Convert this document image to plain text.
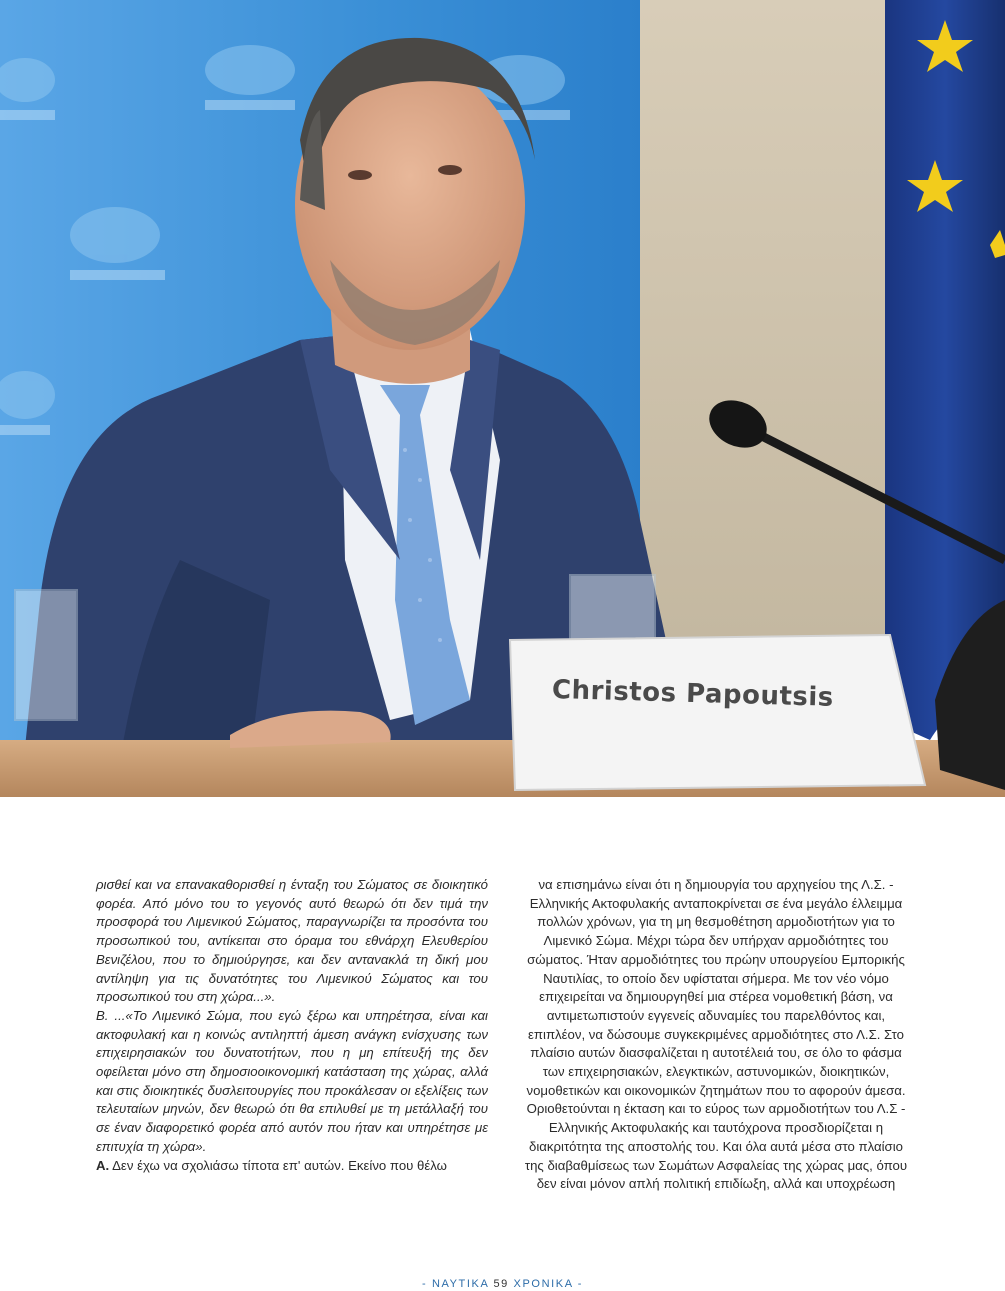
Christos Papoutsis

ρισθεί και να επανακαθορισθεί η ένταξη του Σώματος σε διοικητικό φορέα. Από μόνο του το γεγονός αυτό θεωρώ ότι δεν τιμά την προσφορά του Λιμενικού Σώματος, παραγνωρίζει τα προσόντα του προσωπικού του, αντίκειται στο όραμα του εθνάρχη Ελευθερίου Βενιζέλου, που το δημιούργησε, και δεν αντανακλά τη δική μου αντίληψη για τις δυνατότητες του Λιμενικού Σώματος και του προσωπικού του στη χώρα...».

Β. ...«Το Λιμενικό Σώμα, που εγώ ξέρω και υπηρέτησα, είναι και ακτοφυλακή και η κοινώς αντιληπτή άμεση ανάγκη ενίσχυσης των επιχειρησιακών του δυνατοτήτων, που η μη επίτευξή της δεν οφείλεται μόνο στη δημοσιοοικονομική κατάσταση της χώρας, αλλά και στις διοικητικές δυσλειτουργίες που προκάλεσαν οι εξελίξεις των τελευταίων μηνών, δεν θεωρώ ότι θα επιλυθεί με τη μετάλλαξή του σε έναν διαφορετικό φορέα από αυτόν που ήταν και υπηρέτησε με επιτυχία τη χώρα».

Α. Δεν έχω να σχολιάσω τίποτα επ' αυτών. Εκείνο που θέλω

να επισημάνω είναι ότι η δημιουργία του αρχηγείου της Λ.Σ. - Ελληνικής Ακτοφυλακής ανταποκρίνεται σε ένα μεγάλο έλλειμμα πολλών χρόνων, για τη μη θεσμοθέτηση αρμοδιοτήτων για το Λιμενικό Σώμα. Μέχρι τώρα δεν υπήρχαν αρμοδιότητες του σώματος. Ήταν αρμοδιότητες του πρώην υπουργείου Εμπορικής Ναυτιλίας, το οποίο δεν υφίσταται σήμερα. Με τον νέο νόμο επιχειρείται να δημιουργηθεί μια στέρεα νομοθετική βάση, να αντιμετωπιστούν εγγενείς αδυναμίες του παρελθόντος και, επιπλέον, να δώσουμε συγκεκριμένες αρμοδιότητες στο Λ.Σ. Στο πλαίσιο αυτών διασφαλίζεται η αυτοτέλειά του, σε όλο το φάσμα των επιχειρησιακών, ελεγκτικών, αστυνομικών, διοικητικών, νομοθετικών και οικονομικών ζητημάτων που το αφορούν άμεσα. Οριοθετούνται η έκταση και το εύρος των αρμοδιοτήτων του Λ.Σ - Ελληνικής Ακτοφυλακής και ταυτόχρονα προσδιορίζεται η διακριτότητα της αποστολής του. Και όλα αυτά μέσα στο πλαίσιο της διαβαθμίσεως των Σωμάτων Ασφαλείας της χώρας μας, όπου δεν είναι μόνον απλή πολιτική επιδίωξη, αλλά και υποχρέωση

- ΝΑΥΤΙΚΑ 59 ΧΡΟΝΙΚΑ -
